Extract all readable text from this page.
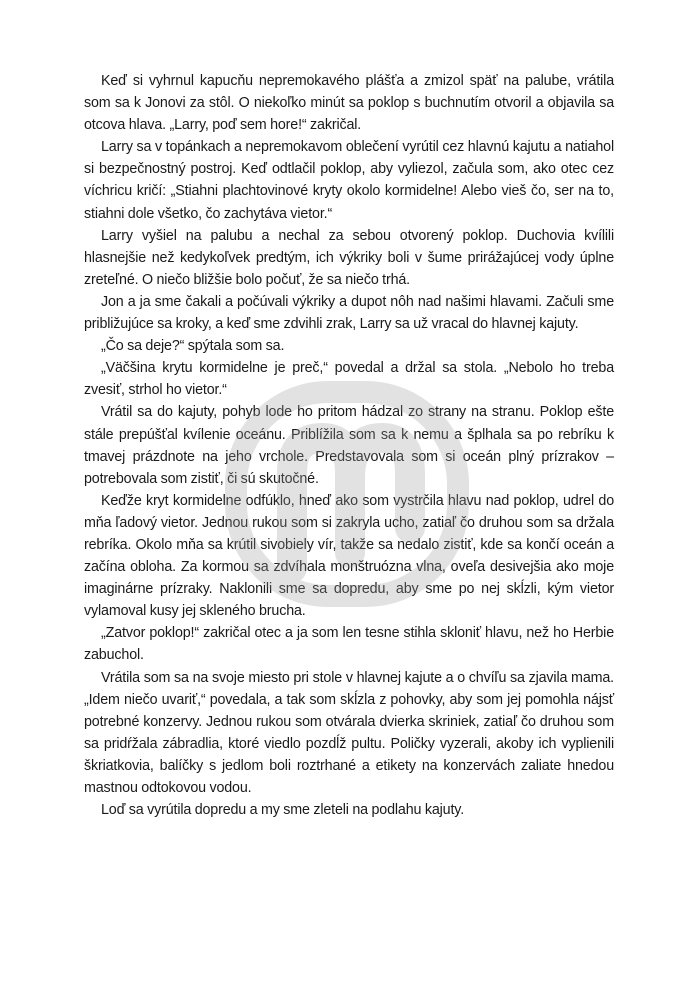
Keď si vyhrnul kapucňu nepremokavého plášťa a zmizol späť na palube, vrátila som sa k Jonovi za stôl. O niekoľko minút sa poklop s buchnutím otvoril a objavila sa otcova hlava. „Larry, poď sem hore!“ zakričal.

Larry sa v topánkach a nepremokavom oblečení vyrútil cez hlavnú kajutu a natiahol si bezpečnostný postroj. Keď odtlačil poklop, aby vyliezol, začula som, ako otec cez víchricu kričí: „Stiahni plachtovinové kryty okolo kormidelne! Alebo vieš čo, ser na to, stiahni dole všetko, čo zachytáva vietor.“

Larry vyšiel na palubu a nechal za sebou otvorený poklop. Duchovia kvílili hlasnejšie než kedykoľvek predtým, ich výkriky boli v šume prirážajúcej vody úplne zreteľné. O niečo bližšie bolo počuť, že sa niečo trhá.

Jon a ja sme čakali a počúvali výkriky a dupot nôh nad našimi hlavami. Začuli sme približujúce sa kroky, a keď sme zdvihli zrak, Larry sa už vracal do hlavnej kajuty.

„Čo sa deje?“ spýtala som sa.

„Väčšina krytu kormidelne je preč,“ povedal a držal sa stola. „Nebolo ho treba zvesiť, strhol ho vietor.“

Vrátil sa do kajuty, pohyb lode ho pritom hádzal zo strany na stranu. Poklop ešte stále prepúšťal kvílenie oceánu. Priblížila som sa k nemu a šplhala sa po rebríku k tmavej prázdnote na jeho vrchole. Predstavovala som si oceán plný prízrakov – potrebovala som zistiť, či sú skutočné.

Keďže kryt kormidelne odfúklo, hneď ako som vystrčila hlavu nad poklop, udrel do mňa ľadový vietor. Jednou rukou som si zakryla ucho, zatiaľ čo druhou som sa držala rebríka. Okolo mňa sa krútil sivobiely vír, takže sa nedalo zistiť, kde sa končí oceán a začína obloha. Za kormou sa zdvíhala monštruózna vlna, oveľa desivejšia ako moje imaginárne prízraky. Naklonili sme sa dopredu, aby sme po nej skĺzli, kým vietor vylamoval kusy jej skleného brucha.

„Zatvor poklop!“ zakričal otec a ja som len tesne stihla skloniť hlavu, než ho Herbie zabuchol.

Vrátila som sa na svoje miesto pri stole v hlavnej kajute a o chvíľu sa zjavila mama. „Idem niečo uvariť,“ povedala, a tak som skĺzla z pohovky, aby som jej pomohla nájsť potrebné konzervy. Jednou rukou som otvárala dvierka skriniek, zatiaľ čo druhou som sa pridŕžala zábradlia, ktoré viedlo pozdĺž pultu. Poličky vyzerali, akoby ich vyplienili škriatkovia, balíčky s jedlom boli roztrhané a etikety na konzervách zaliate hnedou mastnou odtokovou vodou.

Loď sa vyrútila dopredu a my sme zleteli na podlahu kajuty.
